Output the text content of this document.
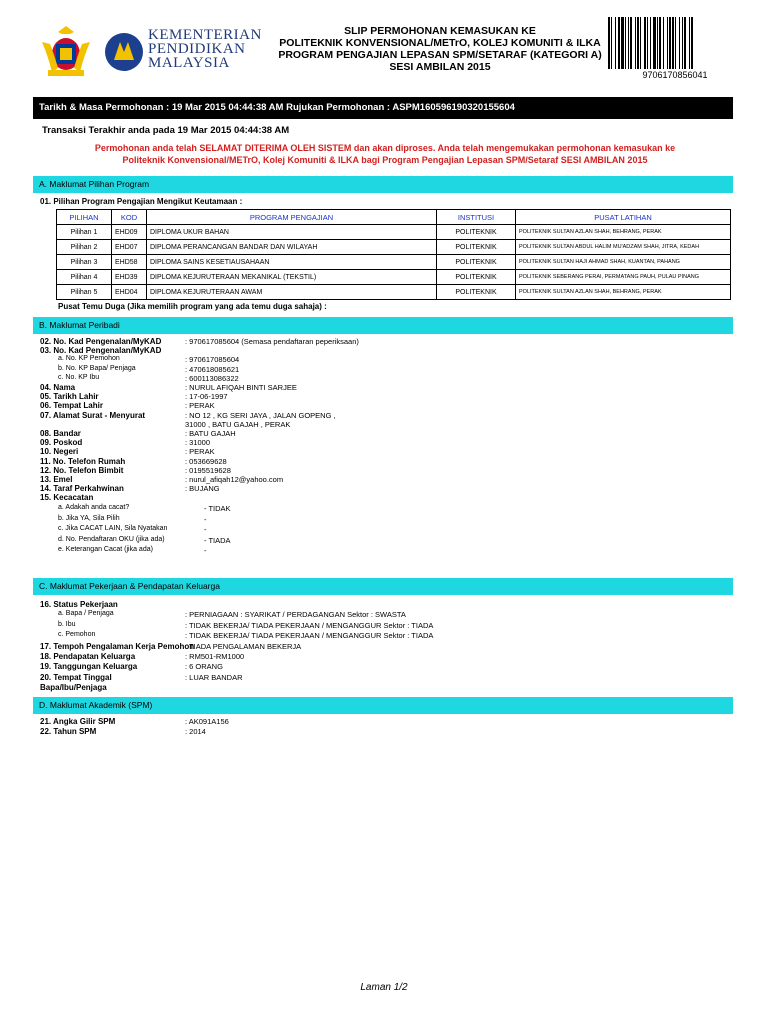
KEMENTERIAN
PENDIDIKAN
MALAYSIA
SLIP PERMOHONAN KEMASUKAN KE
POLITEKNIK KONVENSIONAL/METrO, KOLEJ KOMUNITI & ILKA
PROGRAM PENGAJIAN LEPASAN SPM/SETARAF (KATEGORI A)
SESI AMBILAN 2015
9706170856041
Tarikh & Masa Permohonan : 19 Mar 2015 04:44:38 AM Rujukan Permohonan : ASPM160596190320155604
Transaksi Terakhir anda pada 19 Mar 2015 04:44:38 AM
Permohonan anda telah SELAMAT DITERIMA OLEH SISTEM dan akan diproses. Anda telah mengemukakan permohonan kemasukan ke
Politeknik Konvensional/METrO, Kolej Komuniti & ILKA bagi Program Pengajian Lepasan SPM/Setaraf SESI AMBILAN 2015
A. Maklumat Pilihan Program
01. Pilihan Program Pengajian Mengikut Keutamaan :
PILIHAN	KOD	PROGRAM PENGAJIAN	INSTITUSI	PUSAT LATIHAN
Pilihan 1	EHD09	DIPLOMA UKUR BAHAN	POLITEKNIK	POLITEKNIK SULTAN AZLAN SHAH, BEHRANG, PERAK
Pilihan 2	EHD07	DIPLOMA PERANCANGAN BANDAR DAN WILAYAH	POLITEKNIK	POLITEKNIK SULTAN ABDUL HALIM MU'ADZAM SHAH, JITRA, KEDAH
Pilihan 3	EHD58	DIPLOMA SAINS KESETIAUSAHAAN	POLITEKNIK	POLITEKNIK SULTAN HAJI AHMAD SHAH, KUANTAN, PAHANG
Pilihan 4	EHD39	DIPLOMA KEJURUTERAAN MEKANIKAL (TEKSTIL)	POLITEKNIK	POLITEKNIK SEBERANG PERAI, PERMATANG PAUH, PULAU PINANG
Pilihan 5	EHD04	DIPLOMA KEJURUTERAAN AWAM	POLITEKNIK	POLITEKNIK SULTAN AZLAN SHAH, BEHRANG, PERAK
Pusat Temu Duga (Jika memilih program yang ada temu duga sahaja) :
B. Maklumat Peribadi
02. No. Kad Pengenalan/MyKAD	: 970617085604 (Semasa pendaftaran peperiksaan)
03. No. Kad Pengenalan/MyKAD
a. No. KP Pemohon	: 970617085604
b. No. KP Bapa/ Penjaga	: 470618085621
c. No. KP Ibu	: 600113086322
04. Nama	: NURUL AFIQAH BINTI SARJEE
05. Tarikh Lahir	: 17-06-1997
06. Tempat Lahir	: PERAK
07. Alamat Surat - Menyurat	: NO 12 , KG SERI JAYA , JALAN GOPENG ,
31000 , BATU GAJAH , PERAK
08. Bandar	: BATU GAJAH
09. Poskod	: 31000
10. Negeri	: PERAK
11. No. Telefon Rumah	: 053669628
12. No. Telefon Bimbit	: 0195519628
13. Emel	: nurul_afiqah12@yahoo.com
14. Taraf Perkahwinan	: BUJANG
15. Kecacatan
a. Adakah anda cacat?	- TIDAK
b. Jika YA, Sila Pilih	-
c. Jika CACAT LAIN, Sila Nyatakan	-
d. No. Pendaftaran OKU (jika ada)	- TIADA
e. Keterangan Cacat (jika ada)	-
C. Maklumat Pekerjaan & Pendapatan Keluarga
16. Status Pekerjaan
a. Bapa / Penjaga	: PERNIAGAAN : SYARIKAT / PERDAGANGAN Sektor : SWASTA
b. Ibu	: TIDAK BEKERJA/ TIADA PEKERJAAN / MENGANGGUR Sektor : TIADA
c. Pemohon	: TIDAK BEKERJA/ TIADA PEKERJAAN / MENGANGGUR Sektor : TIADA
17. Tempoh Pengalaman Kerja Pemohon
: TIADA PENGALAMAN BEKERJA
18. Pendapatan Keluarga	: RM501-RM1000
19. Tanggungan Keluarga	: 6 ORANG
20. Tempat Tinggal	: LUAR BANDAR
Bapa/Ibu/Penjaga
D. Maklumat Akademik (SPM)
21. Angka Gilir SPM	: AK091A156
22. Tahun SPM	: 2014
Laman 1/2
